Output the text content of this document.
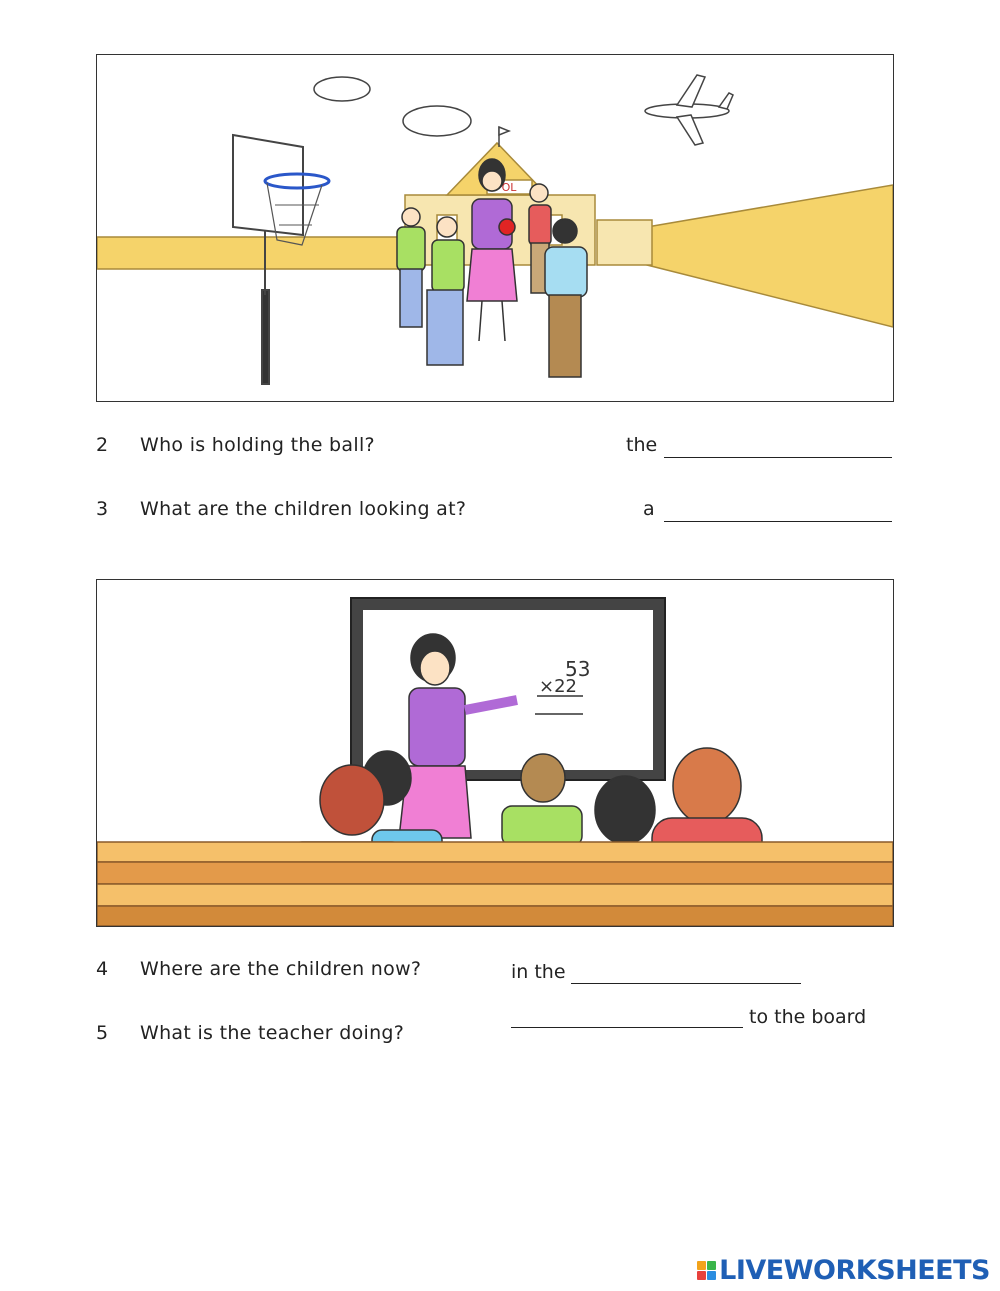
OL
2 Who is holding the ball?	the
3 What are the children looking at?	a
53
×22
4 Where are the children now?	in the
5 What is the teacher doing?
to the board
LIVEWORKSHEETS
